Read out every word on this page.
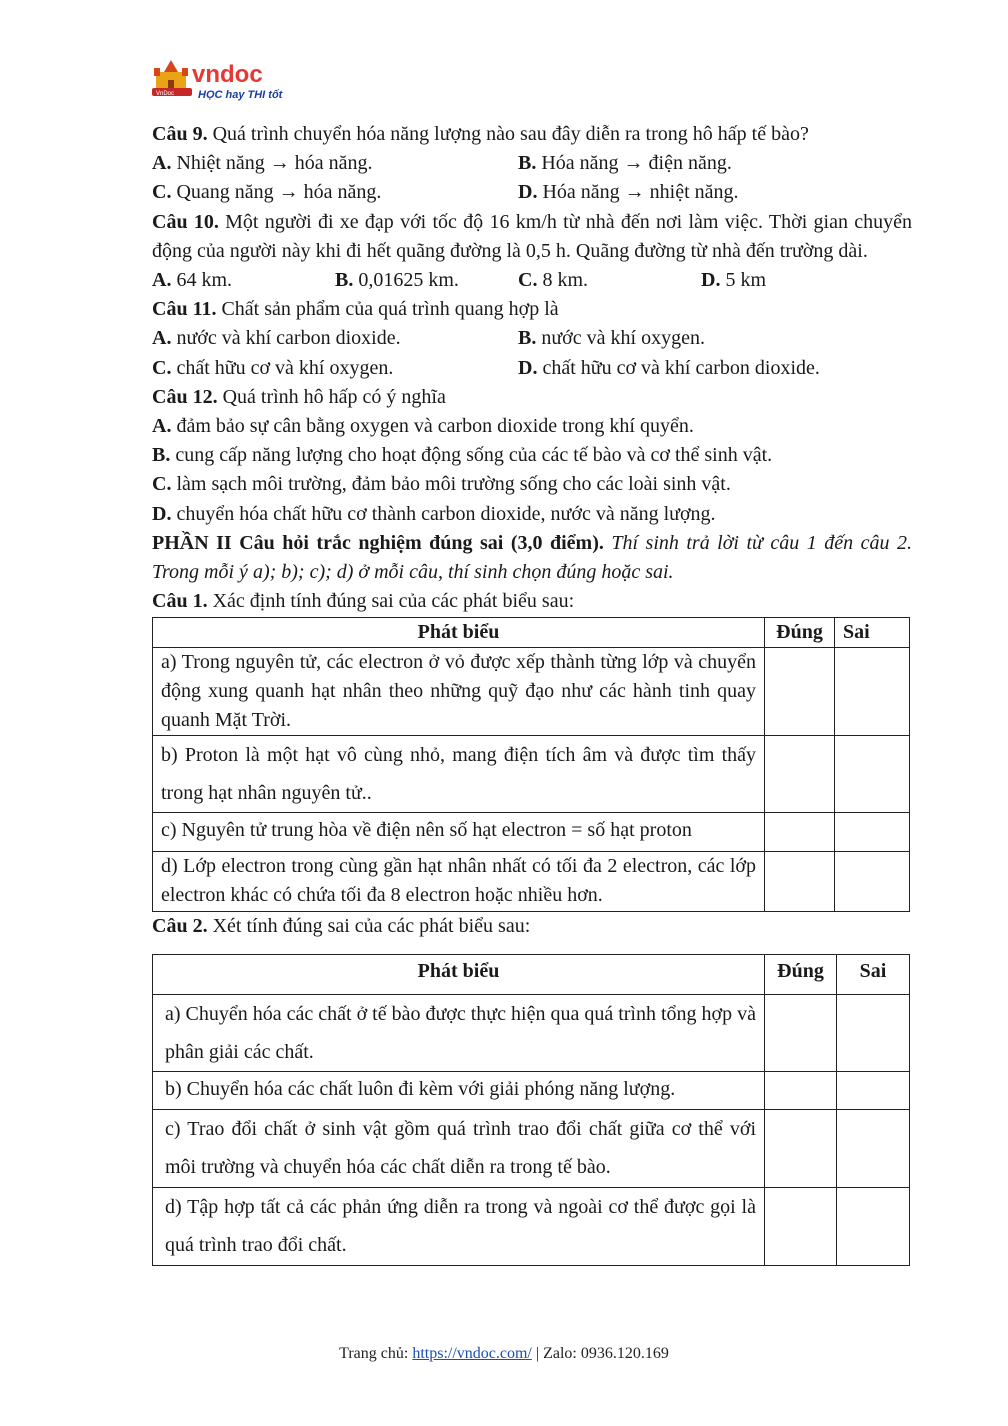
VnDoc
vndoc
HỌC hay THI tốt

Câu 9. Quá trình chuyển hóa năng lượng nào sau đây diễn ra trong hô hấp tế bào?

A. Nhiệt năng → hóa năng.	B. Hóa năng → điện năng.
C. Quang năng → hóa năng.	D. Hóa năng → nhiệt năng.

Câu 10. Một người đi xe đạp với tốc độ 16 km/h từ nhà đến nơi làm việc. Thời gian chuyển động của người này khi đi hết quãng đường là 0,5 h. Quãng đường từ nhà đến trường dài.

A. 64 km.	B. 0,01625 km.	C. 8 km.	D. 5 km

Câu 11. Chất sản phẩm của quá trình quang hợp là

A. nước và khí carbon dioxide.	B. nước và khí oxygen.
C. chất hữu cơ và khí oxygen.	D. chất hữu cơ và khí carbon dioxide.

Câu 12. Quá trình hô hấp có ý nghĩa

A. đảm bảo sự cân bằng oxygen và carbon dioxide trong khí quyển.

B. cung cấp năng lượng cho hoạt động sống của các tế bào và cơ thể sinh vật.

C. làm sạch môi trường, đảm bảo môi trường sống cho các loài sinh vật.

D. chuyển hóa chất hữu cơ thành carbon dioxide, nước và năng lượng.

PHẦN II Câu hỏi trắc nghiệm đúng sai (3,0 điểm). Thí sinh trả lời từ câu 1 đến câu 2. Trong mỗi ý a); b); c); d) ở mỗi câu, thí sinh chọn đúng hoặc sai.

Câu 1. Xác định tính đúng sai của các phát biểu sau:

Phát biểu	Đúng	Sai
a) Trong nguyên tử, các electron ở vỏ được xếp thành từng lớp và chuyển động xung quanh hạt nhân theo những quỹ đạo như các hành tinh quay quanh Mặt Trời.		
b) Proton là một hạt vô cùng nhỏ, mang điện tích âm và được tìm thấy trong hạt nhân nguyên tử..		
c) Nguyên tử trung hòa về điện nên số hạt electron = số hạt proton		
d) Lớp electron trong cùng gần hạt nhân nhất có tối đa 2 electron, các lớp electron khác có chứa tối đa 8 electron hoặc nhiều hơn.		

Câu 2. Xét tính đúng sai của các phát biểu sau:

Phát biểu	Đúng	Sai
a) Chuyển hóa các chất ở tế bào được thực hiện qua quá trình tổng hợp và phân giải các chất.		
b) Chuyển hóa các chất luôn đi kèm với giải phóng năng lượng.		
c) Trao đổi chất ở sinh vật gồm quá trình trao đổi chất giữa cơ thể với môi trường và chuyển hóa các chất diễn ra trong tế bào.		
d) Tập hợp tất cả các phản ứng diễn ra trong và ngoài cơ thể được gọi là quá trình trao đổi chất.		
Trang chủ: https://vndoc.com/ | Zalo: 0936.120.169
